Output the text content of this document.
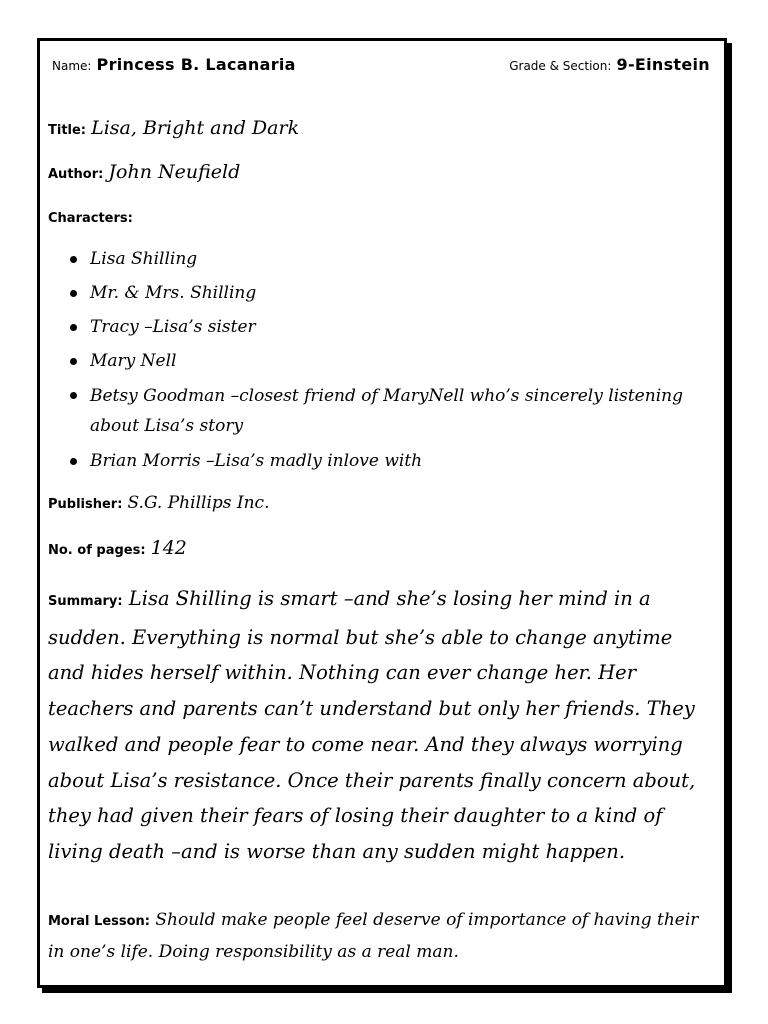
Name: Princess B. Lacanaria	Grade & Section: 9-Einstein
Title: Lisa, Bright and Dark
Author: John Neufield
Characters:
Lisa Shilling
Mr. & Mrs. Shilling
Tracy –Lisa’s sister
Mary Nell
Betsy Goodman –closest friend of MaryNell who’s sincerely listening about Lisa’s story
Brian Morris –Lisa’s madly inlove with
Publisher: S.G. Phillips Inc.
No. of pages: 142
Summary: Lisa Shilling is smart –and she’s losing her mind in a sudden. Everything is normal but she’s able to change anytime and hides herself within. Nothing can ever change her. Her teachers and parents can’t understand but only her friends. They walked and people fear to come near. And they always worrying about Lisa’s resistance. Once their parents finally concern about, they had given their fears of losing their daughter to a kind of living death –and is worse than any sudden might happen.
Moral Lesson: Should make people feel deserve of importance of having their in one’s life. Doing responsibility as a real man.
